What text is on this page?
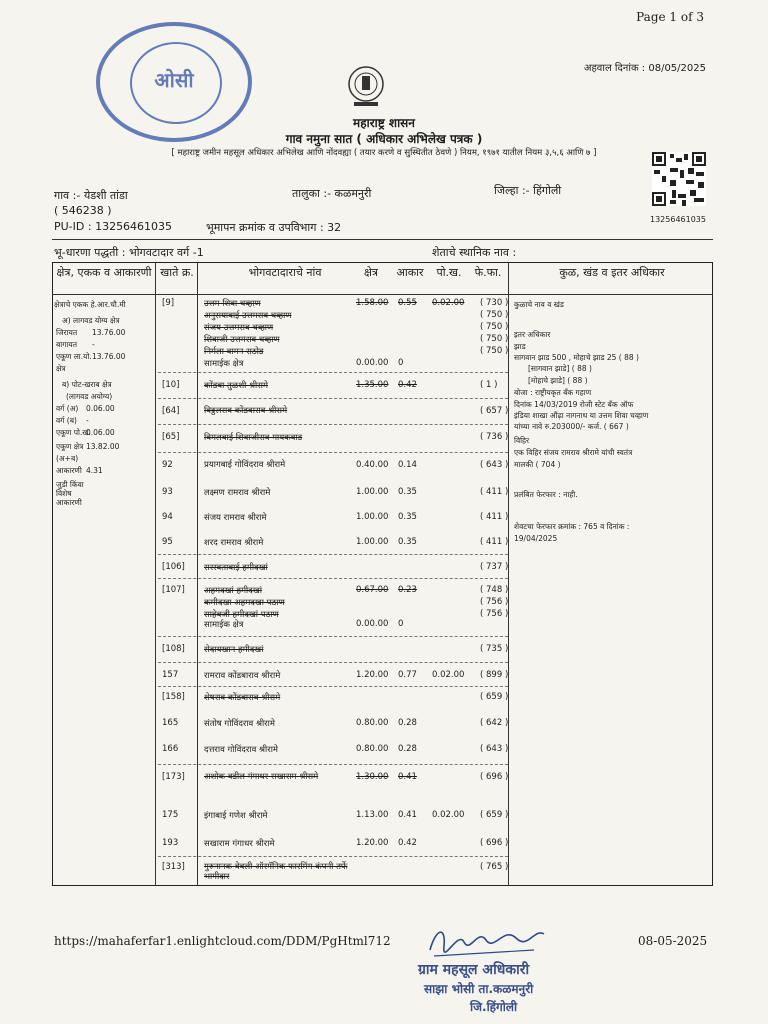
Page 1 of 3
अहवाल दिनांक : 08/05/2025
ओसी
महाराष्ट्र शासन
गाव नमुना सात ( अधिकार अभिलेख पत्रक )
[ महाराष्ट्र जमीन महसूल अधिकार अभिलेख आणि नोंदवह्या ( तयार करणे व सुस्थितीत ठेवणे ) नियम, १९७१ यातील नियम ३,५,६ आणि ७ ]
13256461035
गाव :- येडशी तांडा
( 546238 )
PU-ID : 13256461035
तालुका :- कळमनुरी	जिल्हा :- हिंगोली
भूमापन क्रमांक व उपविभाग : 32
भू-धारणा पद्धती : भोगवटादार वर्ग -1	शेताचे स्थानिक नाव :
क्षेत्र, एकक व आकारणी खाते क्र.	भोगवटादाराचे नांव	क्षेत्र	आकार	पो.ख.	फे.फा.	कुळ, खंड व इतर अधिकार
क्षेत्राचे एकक हे.आर.चौ.मी
अ) लागवड योग्य क्षेत्र
जिरायत 13.76.00
बागायत -
एकूण ला.यो. 13.76.00
क्षेत्र
ब) पोट-खराब क्षेत्र
(लागवड अयोग्य)
वर्ग (अ) 0.06.00
वर्ग (ब) -
एकूण पो.ख.
0.06.00
एकूण क्षेत्र 13.82.00
(अ+ब)
आकारणी 4.31
जुडी किंवा विशेष आकारणी
[9]	उत्तम शिवा चव्हाण	1.58.00 0.55 0.02.00 ( 730 )
अनुसयाबाई उत्तमराव चव्हाण	( 750 )
संजय उत्तमराव चव्हाण	( 750 )
शिवाजी उत्तमराव चव्हाण	( 750 )
निर्मला वामन राठोड	( 750 )
सामाईक क्षेत्र	0.00.00 0
[10]	कोंडबा तुळशी श्रीरामे	1.35.00 0.42	( 1 )
[64]	विठ्ठलराव कोंडबाराव श्रीरामे	( 657 )
[65]	विमलबाई शिवाजीराव गायकवाड	( 736 )
92	प्रयागबाई गोविंदराव श्रीरामे	0.40.00 0.14	( 643 )
93	लक्ष्मण रामराव श्रीरामे	1.00.00 0.35	( 411 )
94	संजय रामराव श्रीरामे	1.00.00 0.35	( 411 )
95	शरद रामराव श्रीरामे	1.00.00 0.35	( 411 )
[106] सरस्वताबाई हमीदखां	( 737 )
[107] अहमदखां हमीदखां	0.67.00 0.23	( 748 )
कमीदखा अहमदखा पठाण	( 756 )
साहेबजी हमीदखां पठाण	( 756 )
सामाईक क्षेत्र	0.00.00 0
[108] सेदायखान हमीदखां	( 735 )
157	रामराव कोंडबाराव श्रीरामे	1.20.00 0.77 0.02.00 ( 899 )
[158] शेषराव कोंडबाराव श्रीरामे	( 659 )
165	संतोष गोविंदराव श्रीरामे	0.80.00 0.28	( 642 )
166	दत्तराव गोविंदराव श्रीरामे	0.80.00 0.28	( 643 )
[173] अशोक वडील गंगाधर सखाराम श्रीरामे	1.30.00 0.41	( 696 )
175	इंगाबाई गणेश श्रीरामे	1.13.00 0.41 0.02.00 ( 659 )
193	सखाराम गंगाधर श्रीरामे	1.20.00 0.42	( 696 )
[313] गुरुनानक वेबली ऑरगॅनिक फारमिंग कंपनी तर्फे भागीदार
( 765 )
कुळाचे नाव व खंड
इतर अधिकार
झाड
सागवान झाड 500 , मोहाचे झाड 25 ( 88 )
[सागवान झाडे] ( 88 )
[मोहाचे झाडे] ( 88 )
बोजा : राष्ट्रीयकृत बँक गहाण
दिनांक 14/03/2019 रोजी स्टेट बँक ऑफ
इंडिया शाखा औंढ़ा नागनाथ या उत्तम शिवा चव्हाण
यांच्या नावे रु.203000/- कर्ज. ( 667 )
विहिर
एक विहिर संजय रामराव श्रीरामे यांची स्वतंत्र
मालकी ( 704 )
प्रलंबित फेरफार : नाही.
शेवटचा फेरफार क्रमांक : 765 व दिनांक :
19/04/2025
https://mahaferfar1.enlightcloud.com/DDM/PgHtml712	08-05-2025
ग्राम महसूल अधिकारी
साझा भोसी ता.कळमनुरी
जि.हिंगोली
